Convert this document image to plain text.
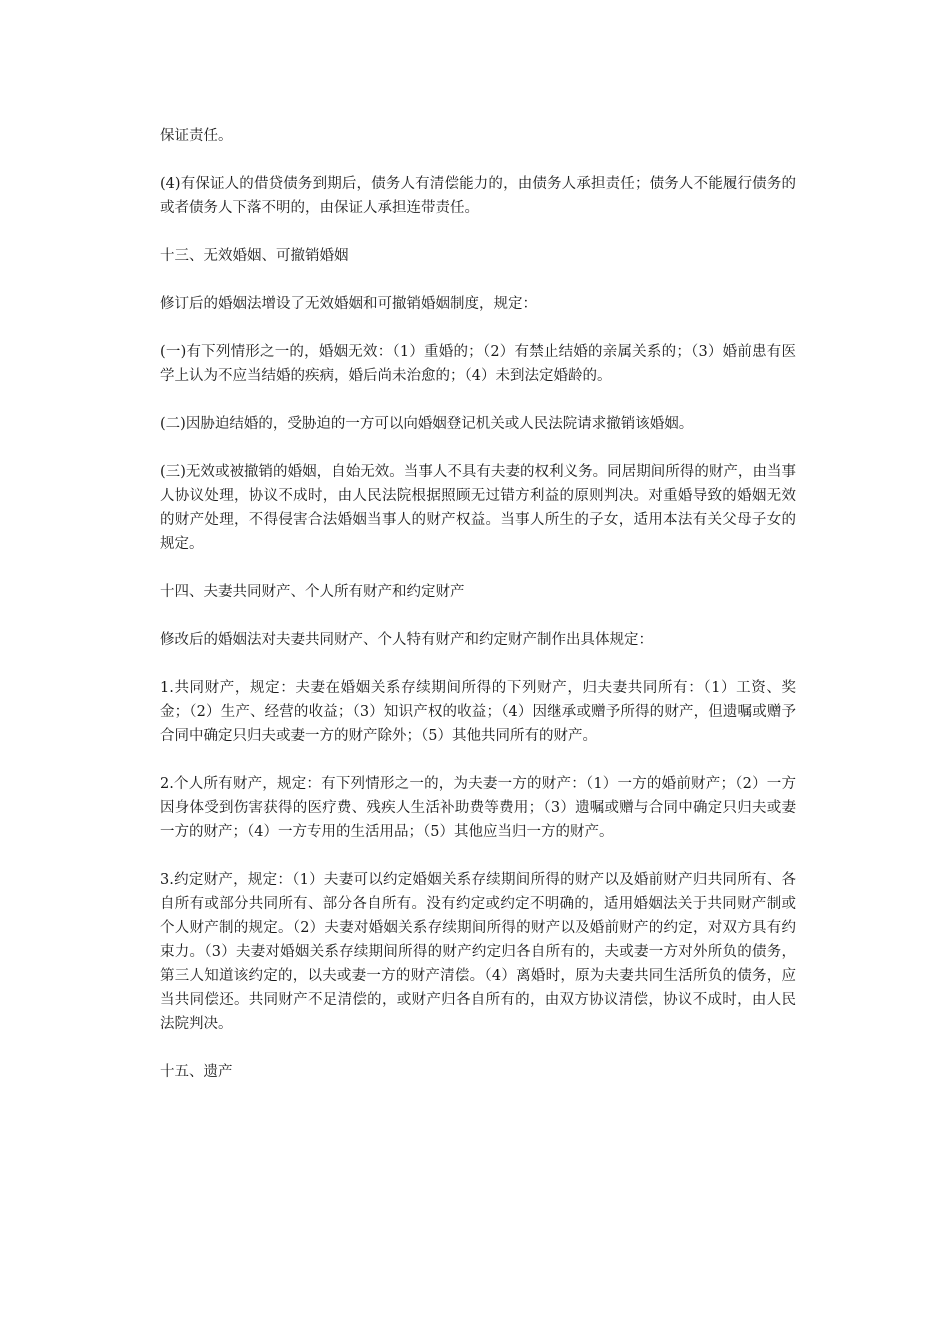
保证责任。

(4)有保证人的借贷债务到期后，债务人有清偿能力的，由债务人承担责任；债务人不能履行债务的或者债务人下落不明的，由保证人承担连带责任。

十三、无效婚姻、可撤销婚姻

修订后的婚姻法增设了无效婚姻和可撤销婚姻制度，规定：

(一)有下列情形之一的，婚姻无效：（1）重婚的；（2）有禁止结婚的亲属关系的；（3）婚前患有医学上认为不应当结婚的疾病，婚后尚未治愈的；（4）未到法定婚龄的。

(二)因胁迫结婚的，受胁迫的一方可以向婚姻登记机关或人民法院请求撤销该婚姻。

(三)无效或被撤销的婚姻，自始无效。当事人不具有夫妻的权利义务。同居期间所得的财产，由当事人协议处理，协议不成时，由人民法院根据照顾无过错方利益的原则判决。对重婚导致的婚姻无效的财产处理，不得侵害合法婚姻当事人的财产权益。当事人所生的子女，适用本法有关父母子女的规定。

十四、夫妻共同财产、个人所有财产和约定财产

修改后的婚姻法对夫妻共同财产、个人特有财产和约定财产制作出具体规定：

1.共同财产，规定：夫妻在婚姻关系存续期间所得的下列财产，归夫妻共同所有：（1）工资、奖金；（2）生产、经营的收益；（3）知识产权的收益；（4）因继承或赠予所得的财产，但遗嘱或赠予合同中确定只归夫或妻一方的财产除外；（5）其他共同所有的财产。

2.个人所有财产，规定：有下列情形之一的，为夫妻一方的财产：（1）一方的婚前财产；（2）一方因身体受到伤害获得的医疗费、残疾人生活补助费等费用；（3）遗嘱或赠与合同中确定只归夫或妻一方的财产；（4）一方专用的生活用品；（5）其他应当归一方的财产。

3.约定财产，规定：（1）夫妻可以约定婚姻关系存续期间所得的财产以及婚前财产归共同所有、各自所有或部分共同所有、部分各自所有。没有约定或约定不明确的，适用婚姻法关于共同财产制或个人财产制的规定。（2）夫妻对婚姻关系存续期间所得的财产以及婚前财产的约定，对双方具有约束力。（3）夫妻对婚姻关系存续期间所得的财产约定归各自所有的，夫或妻一方对外所负的债务，第三人知道该约定的，以夫或妻一方的财产清偿。（4）离婚时，原为夫妻共同生活所负的债务，应当共同偿还。共同财产不足清偿的，或财产归各自所有的，由双方协议清偿，协议不成时，由人民法院判决。

十五、遗产
